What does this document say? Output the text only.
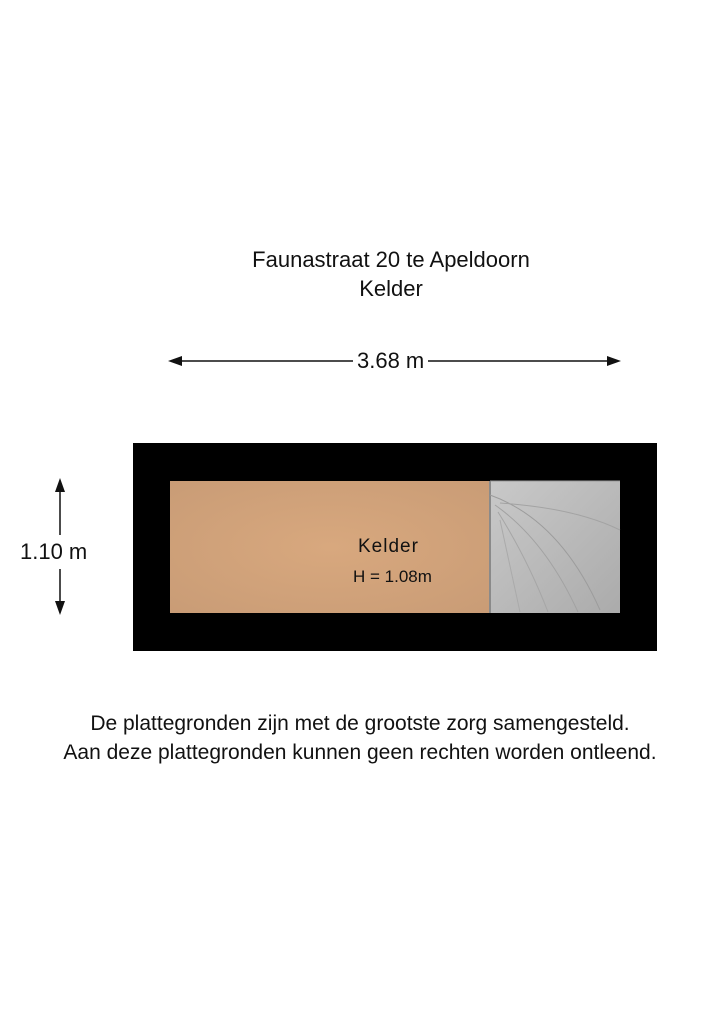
Faunastraat 20 te Apeldoorn
Kelder
3.68 m
1.10 m	Kelder
H = 1.08m
De plattegronden zijn met de grootste zorg samengesteld.
Aan deze plattegronden kunnen geen rechten worden ontleend.
